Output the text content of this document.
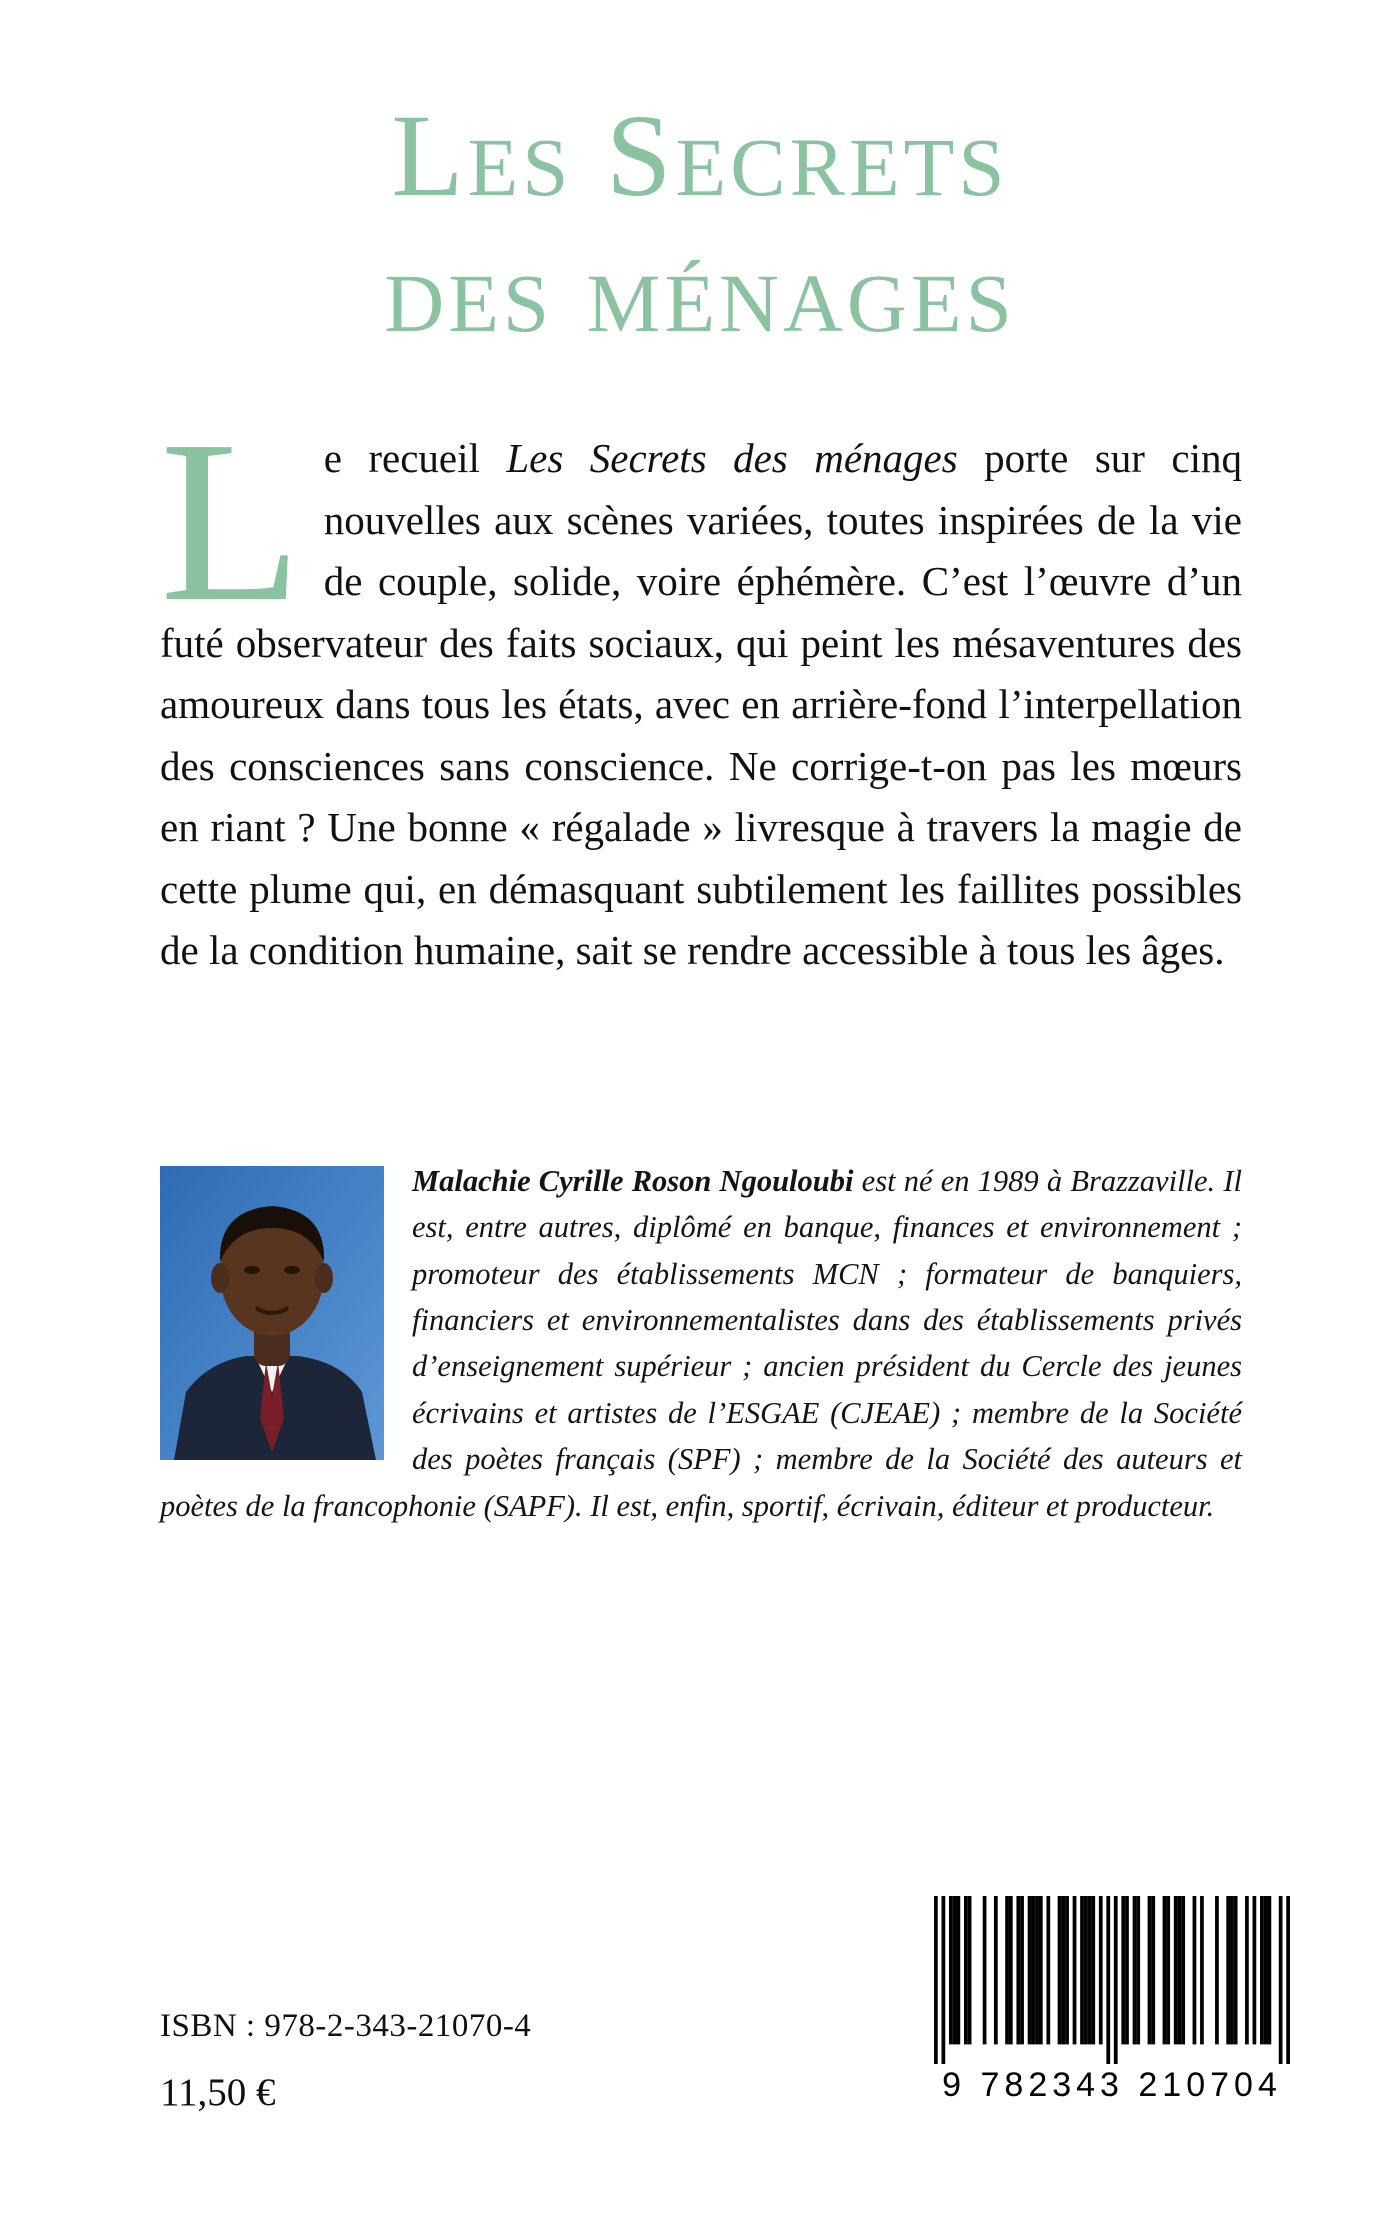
Les Secrets
des ménages
Le recueil Les Secrets des ménages porte sur cinq nouvelles aux scènes variées, toutes inspirées de la vie de couple, solide, voire éphémère. C’est l’œuvre d’un futé observateur des faits sociaux, qui peint les mésaventures des amoureux dans tous les états, avec en arrière-fond l’interpellation des consciences sans conscience. Ne corrige-t-on pas les mœurs en riant ? Une bonne « régalade » livresque à travers la magie de cette plume qui, en démasquant subtilement les faillites possibles de la condition humaine, sait se rendre accessible à tous les âges.
Malachie Cyrille Roson Ngouloubi est né en 1989 à Brazzaville. Il est, entre autres, diplômé en banque, finances et environnement ; promoteur des établissements MCN ; formateur de banquiers, financiers et environnementalistes dans des établissements privés d’enseignement supérieur ; ancien président du Cercle des jeunes écrivains et artistes de l’ESGAE (CJEAE) ; membre de la Société des poètes français (SPF) ; membre de la Société des auteurs et poètes de la francophonie (SAPF). Il est, enfin, sportif, écrivain, éditeur et producteur.
ISBN : 978-2-343-21070-4
11,50 €	9 782343 210704
